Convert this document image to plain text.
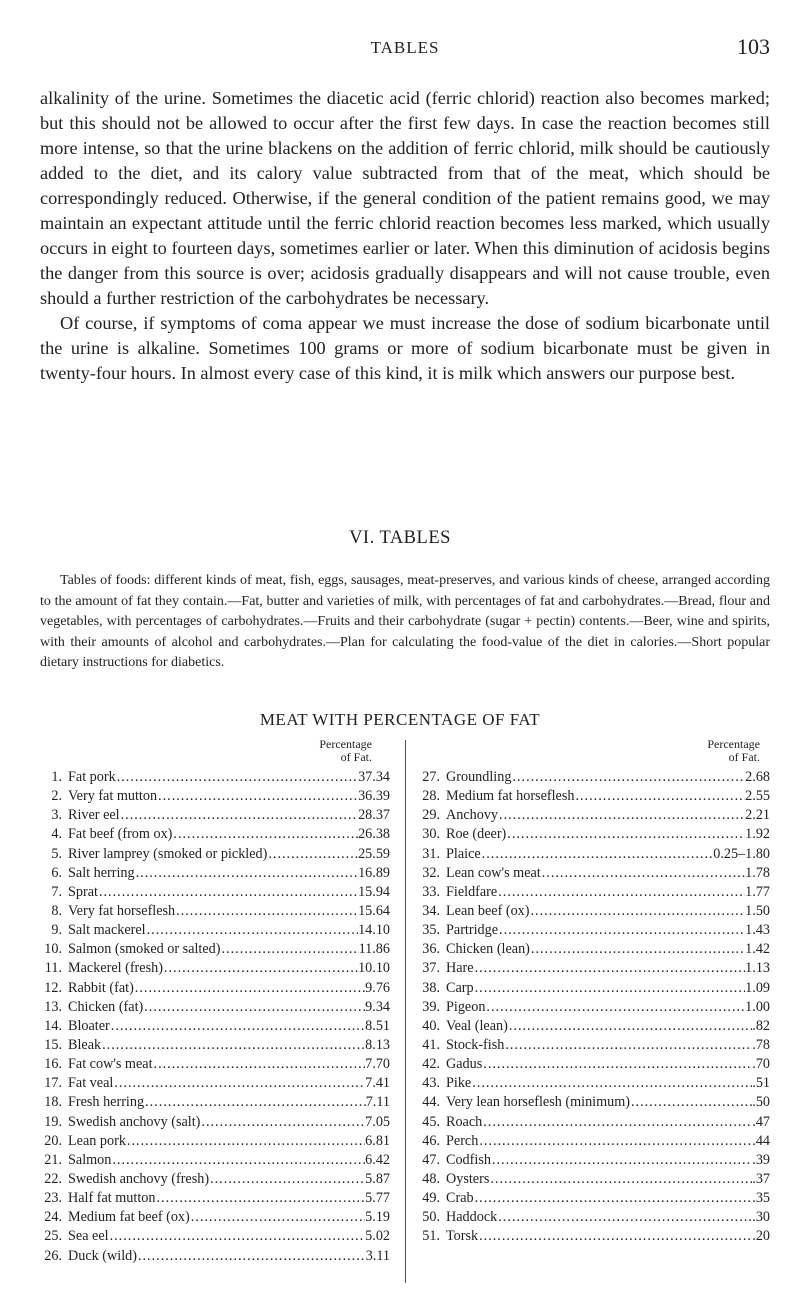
TABLES	103

alkalinity of the urine. Sometimes the diacetic acid (ferric chlorid) reaction also becomes marked; but this should not be allowed to occur after the first few days. In case the reaction becomes still more intense, so that the urine blackens on the addition of ferric chlorid, milk should be cautiously added to the diet, and its calory value subtracted from that of the meat, which should be correspondingly reduced. Otherwise, if the general condition of the patient remains good, we may maintain an expectant attitude until the ferric chlorid reaction becomes less marked, which usually occurs in eight to fourteen days, sometimes earlier or later. When this diminution of acidosis begins the danger from this source is over; acidosis gradually disappears and will not cause trouble, even should a further restriction of the carbohydrates be necessary.

Of course, if symptoms of coma appear we must increase the dose of sodium bicarbonate until the urine is alkaline. Sometimes 100 grams or more of sodium bicarbonate must be given in twenty-four hours. In almost every case of this kind, it is milk which answers our purpose best.

VI. TABLES

Tables of foods: different kinds of meat, fish, eggs, sausages, meat-preserves, and various kinds of cheese, arranged according to the amount of fat they contain.—Fat, butter and varieties of milk, with percentages of fat and carbohydrates.—Bread, flour and vegetables, with percentages of carbohydrates.—Fruits and their carbohydrate (sugar + pectin) contents.—Beer, wine and spirits, with their amounts of alcohol and carbohydrates.—Plan for calculating the food-value of the diet in calories.—Short popular dietary instructions for diabetics.

MEAT WITH PERCENTAGE OF FAT
Percentage
of Fat.
1. Fat pork .....	37.34
2. Very fat mutton .....	36.39
3. River eel .....	28.37
4. Fat beef (from ox) .....	26.38
5. River lamprey (smoked or pickled) .....	25.59
6. Salt herring .....	16.89
7. Sprat .....	15.94
8. Very fat horseflesh .....	15.64
9. Salt mackerel .....	14.10
10. Salmon (smoked or salted) .....	11.86
11. Mackerel (fresh) .....	10.10
12. Rabbit (fat) .....	9.76
13. Chicken (fat) .....	9.34
14. Bloater .....	8.51
15. Bleak .....	8.13
16. Fat cow's meat .....	7.70
17. Fat veal .....	7.41
18. Fresh herring .....	7.11
19. Swedish anchovy (salt) .....	7.05
20. Lean pork .....	6.81
21. Salmon .....	6.42
22. Swedish anchovy (fresh) .....	5.87
23. Half fat mutton .....	5.77
24. Medium fat beef (ox) .....	5.19
25. Sea eel .....	5.02
26. Duck (wild) .....	3.11
Percentage
of Fat.
27. Groundling .....	2.68
28. Medium fat horseflesh .....	2.55
29. Anchovy .....	2.21
30. Roe (deer) .....	1.92
31. Plaice .....	0.25–1.80
32. Lean cow's meat .....	1.78
33. Fieldfare .....	1.77
34. Lean beef (ox) .....	1.50
35. Partridge .....	1.43
36. Chicken (lean) .....	1.42
37. Hare .....	1.13
38. Carp .....	1.09
39. Pigeon .....	1.00
40. Veal (lean) .....	.82
41. Stock-fish .....	.78
42. Gadus .....	.70
43. Pike .....	.51
44. Very lean horseflesh (minimum) .....	.50
45. Roach .....	.47
46. Perch .....	.44
47. Codfish .....	.39
48. Oysters .....	.37
49. Crab .....	.35
50. Haddock .....	.30
51. Torsk .....	.20
